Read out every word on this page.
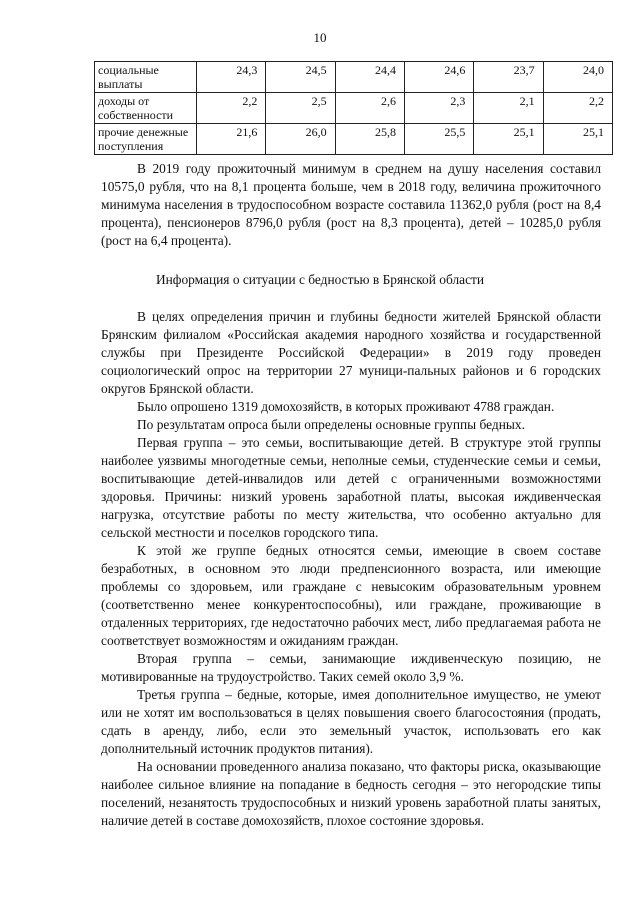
10
социальные выплаты	24,3	24,5	24,4	24,6	23,7	24,0
доходы от собственности	2,2	2,5	2,6	2,3	2,1	2,2
прочие денежные поступления	21,6	26,0	25,8	25,5	25,1	25,1

В 2019 году прожиточный минимум в среднем на душу населения составил 10575,0 рубля, что на 8,1 процента больше, чем в 2018 году, величина прожиточного минимума населения в трудоспособном возрасте составила 11362,0 рубля (рост на 8,4 процента), пенсионеров 8796,0 рубля (рост на 8,3 процента), детей – 10285,0 рубля (рост на 6,4 процента).

Информация о ситуации с бедностью в Брянской области

В целях определения причин и глубины бедности жителей Брянской области Брянским филиалом «Российская академия народного хозяйства и государственной службы при Президенте Российской Федерации» в 2019 году проведен социологический опрос на территории 27 муници-пальных районов и 6 городских округов Брянской области.

Было опрошено 1319 домохозяйств, в которых проживают 4788 граждан.

По результатам опроса были определены основные группы бедных.

Первая группа – это семьи, воспитывающие детей. В структуре этой группы наиболее уязвимы многодетные семьи, неполные семьи, студенческие семьи и семьи, воспитывающие детей-инвалидов или детей с ограниченными возможностями здоровья. Причины: низкий уровень заработной платы, высокая иждивенческая нагрузка, отсутствие работы по месту жительства, что особенно актуально для сельской местности и поселков городского типа.

К этой же группе бедных относятся семьи, имеющие в своем составе безработных, в основном это люди предпенсионного возраста, или имеющие проблемы со здоровьем, или граждане с невысоким образовательным уровнем (соответственно менее конкурентоспособны), или граждане, проживающие в отдаленных территориях, где недостаточно рабочих мест, либо предлагаемая работа не соответствует возможностям и ожиданиям граждан.

Вторая группа – семьи, занимающие иждивенческую позицию, не мотивированные на трудоустройство. Таких семей около 3,9 %.

Третья группа – бедные, которые, имея дополнительное имущество, не умеют или не хотят им воспользоваться в целях повышения своего благосостояния (продать, сдать в аренду, либо, если это земельный участок, использовать его как дополнительный источник продуктов питания).

На основании проведенного анализа показано, что факторы риска, оказывающие наиболее сильное влияние на попадание в бедность сегодня – это негородские типы поселений, незанятость трудоспособных и низкий уровень заработной платы занятых, наличие детей в составе домохозяйств, плохое состояние здоровья.
